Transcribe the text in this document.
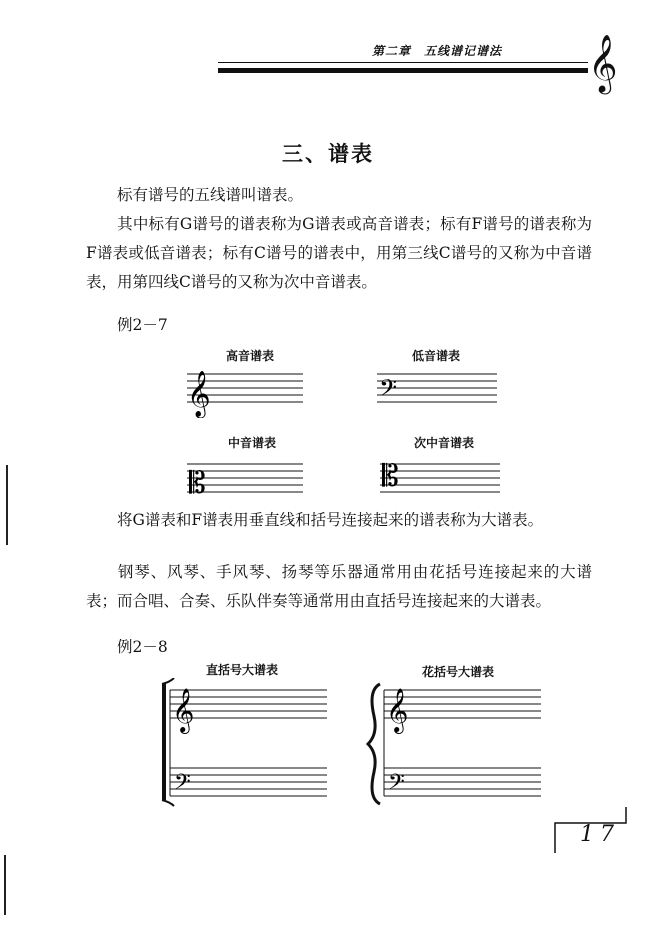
第二章　五线谱记谱法 𝄞
三、谱表
标有谱号的五线谱叫谱表。
其中标有G谱号的谱表称为G谱表或高音谱表；标有F谱号的谱表称为F谱表或低音谱表；标有C谱号的谱表中，用第三线C谱号的又称为中音谱表，用第四线C谱号的又称为次中音谱表。
例2－7
高音谱表	低音谱表
中音谱表	次中音谱表
𝄞	𝄢
𝄡	𝄡
将G谱表和F谱表用垂直线和括号连接起来的谱表称为大谱表。
钢琴、风琴、手风琴、扬琴等乐器通常用由花括号连接起来的大谱表；而合唱、合奏、乐队伴奏等通常用由直括号连接起来的大谱表。
例2－8
直括号大谱表	花括号大谱表
𝄞
𝄢
𝄞
𝄢
17
